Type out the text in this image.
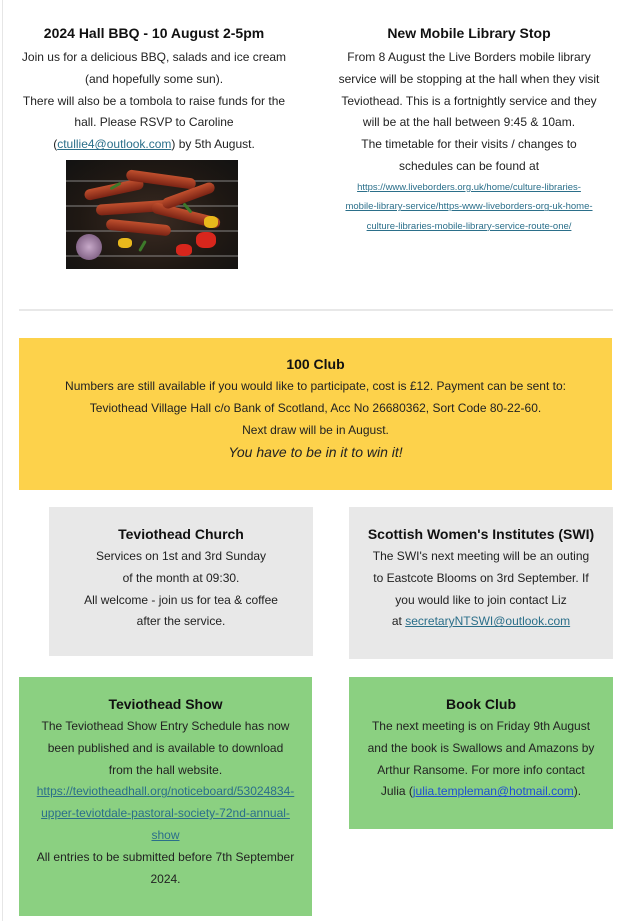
2024 Hall BBQ - 10 August 2-5pm

Join us for a delicious BBQ, salads and ice cream

(and hopefully some sun).

There will also be a tombola to raise funds for the

hall. Please RSVP to Caroline

(ctullie4@outlook.com) by 5th August.

New Mobile Library Stop

From 8 August the Live Borders mobile library

service will be stopping at the hall when they visit

Teviothead. This is a fortnightly service and they

will be at the hall between 9:45 & 10am.

The timetable for their visits / changes to

schedules can be found at

https://www.liveborders.org.uk/home/culture-libraries-

mobile-library-service/https-www-liveborders-org-uk-home-

culture-libraries-mobile-library-service-route-one/

100 Club

Numbers are still available if you would like to participate, cost is £12. Payment can be sent to:

Teviothead Village Hall c/o Bank of Scotland, Acc No 26680362, Sort Code 80-22-60.

Next draw will be in August.

You have to be in it to win it!

Teviothead Church

Services on 1st and 3rd Sunday

of the month at 09:30.

All welcome - join us for tea & coffee

after the service.

Scottish Women's Institutes (SWI)

The SWI's next meeting will be an outing

to Eastcote Blooms on 3rd September. If

you would like to join contact Liz

at secretaryNTSWI@outlook.com

Teviothead Show

The Teviothead Show Entry Schedule has now

been published and is available to download

from the hall website.

https://teviotheadhall.org/noticeboard/53024834-

upper-teviotdale-pastoral-society-72nd-annual-

show

All entries to be submitted before 7th September

2024.

Book Club

The next meeting is on Friday 9th August

and the book is Swallows and Amazons by

Arthur Ransome. For more info contact

Julia (julia.templeman@hotmail.com).
